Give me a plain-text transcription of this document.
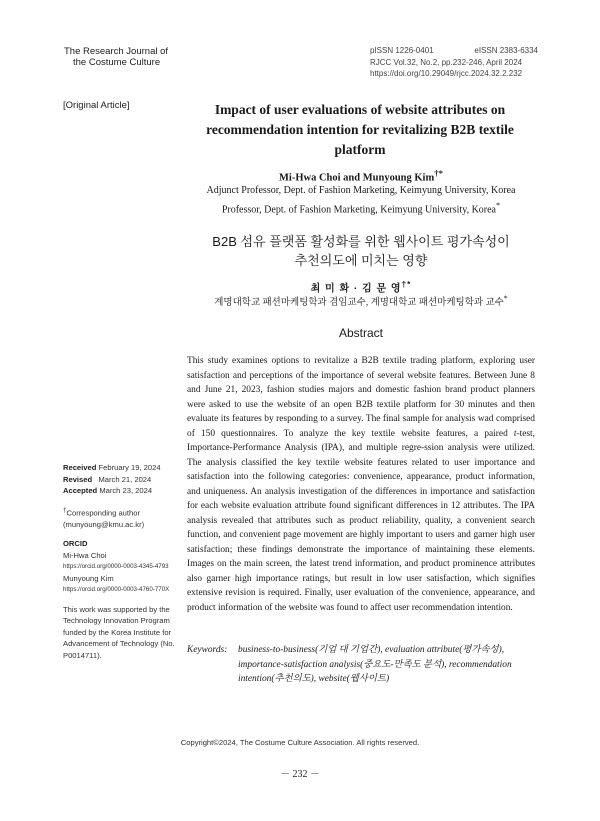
The Research Journal of
the Costume Culture
pISSN 1226-0401	eISSN 2383-6334
RJCC Vol.32, No.2, pp.232-246, April 2024
https://doi.org/10.29049/rjcc.2024.32.2.232
[Original Article]	Impact of user evaluations of website attributes on recommendation intention for revitalizing B2B textile platform
Mi-Hwa Choi and Munyoung Kim†*
Adjunct Professor, Dept. of Fashion Marketing, Keimyung University, Korea
Professor, Dept. of Fashion Marketing, Keimyung University, Korea*
B2B 섬유 플랫폼 활성화를 위한 웹사이트 평가속성이
추천의도에 미치는 영향
최 미 화 · 김 문 영†*
계명대학교 패션마케팅학과 겸임교수, 계명대학교 패션마케팅학과 교수*
Abstract
This study examines options to revitalize a B2B textile trading platform, exploring user satisfaction and perceptions of the importance of several website features. Between June 8 and June 21, 2023, fashion studies majors and domestic fashion brand product planners were asked to use the website of an open B2B textile platform for 30 minutes and then evaluate its features by responding to a survey. The final sample for analysis wad comprised of 150 questionnaires. To analyze the key textile website features, a paired t-test, Importance-Performance Analysis (IPA), and multiple regre-ssion analysis were utilized. The analysis classified the key textile website features related to user importance and satisfaction into the following categories: convenience, appearance, product information, and uniqueness. An analysis investigation of the differences in importance and satisfaction for each website evaluation attribute found significant differences in 12 attributes. The IPA analysis revealed that attributes such as product reliability, quality, a convenient search function, and convenient page movement are highly important to users and garner high user satisfaction; these findings demonstrate the importance of maintaining these elements. Images on the main screen, the latest trend information, and product prominence attributes also garner high importance ratings, but result in low user satisfaction, which signifies extensive revision is required. Finally, user evaluation of the convenience, appearance, and product information of the website was found to affect user recommendation intention.
Keywords:	business-to-business(기업 대 기업간), evaluation attribute(평가속성), importance-satisfaction analysis(중요도-만족도 분석), recommendation intention(추천의도), website(웹사이트)
Received February 19, 2024
Revised March 21, 2024
Accepted March 23, 2024
†Corresponding author
(munyoung@kmu.ac.kr)
ORCID
Mi-Hwa Choi
https://orcid.org/0000-0003-4345-4793
Munyoung Kim
https://orcid.org/0000-0003-4760-770X
This work was supported by the Technology Innovation Program funded by the Korea Institute for Advancement of Technology (No. P0014711).
Copyright©2024, The Costume Culture Association. All rights reserved.
－ 232 －
